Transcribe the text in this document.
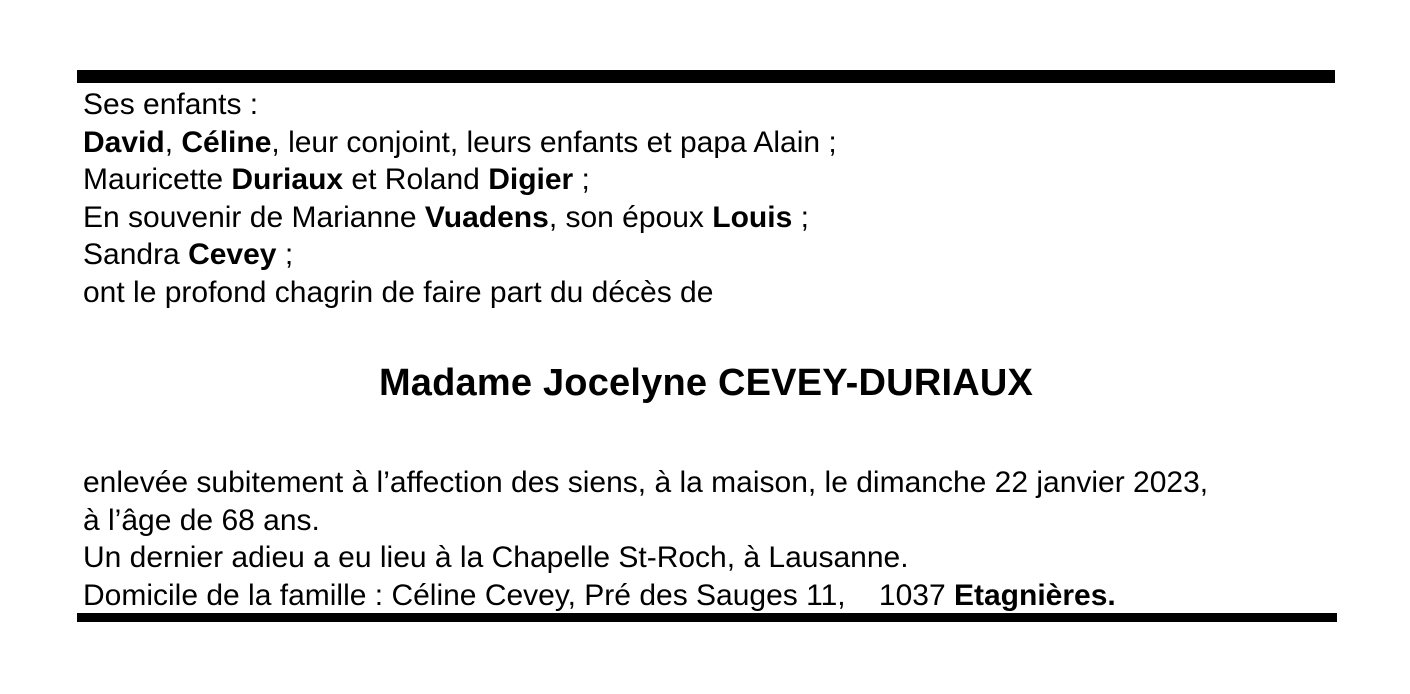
Ses enfants :
David, Céline, leur conjoint, leurs enfants et papa Alain ;
Mauricette Duriaux et Roland Digier ;
En souvenir de Marianne Vuadens, son époux Louis ;
Sandra Cevey ;
ont le profond chagrin de faire part du décès de
Madame Jocelyne CEVEY-DURIAUX
enlevée subitement à l’affection des siens, à la maison, le dimanche 22 janvier 2023,
à l’âge de 68 ans.
Un dernier adieu a eu lieu à la Chapelle St-Roch, à Lausanne.
Domicile de la famille : Céline Cevey, Pré des Sauges 11,    1037 Etagnières.
